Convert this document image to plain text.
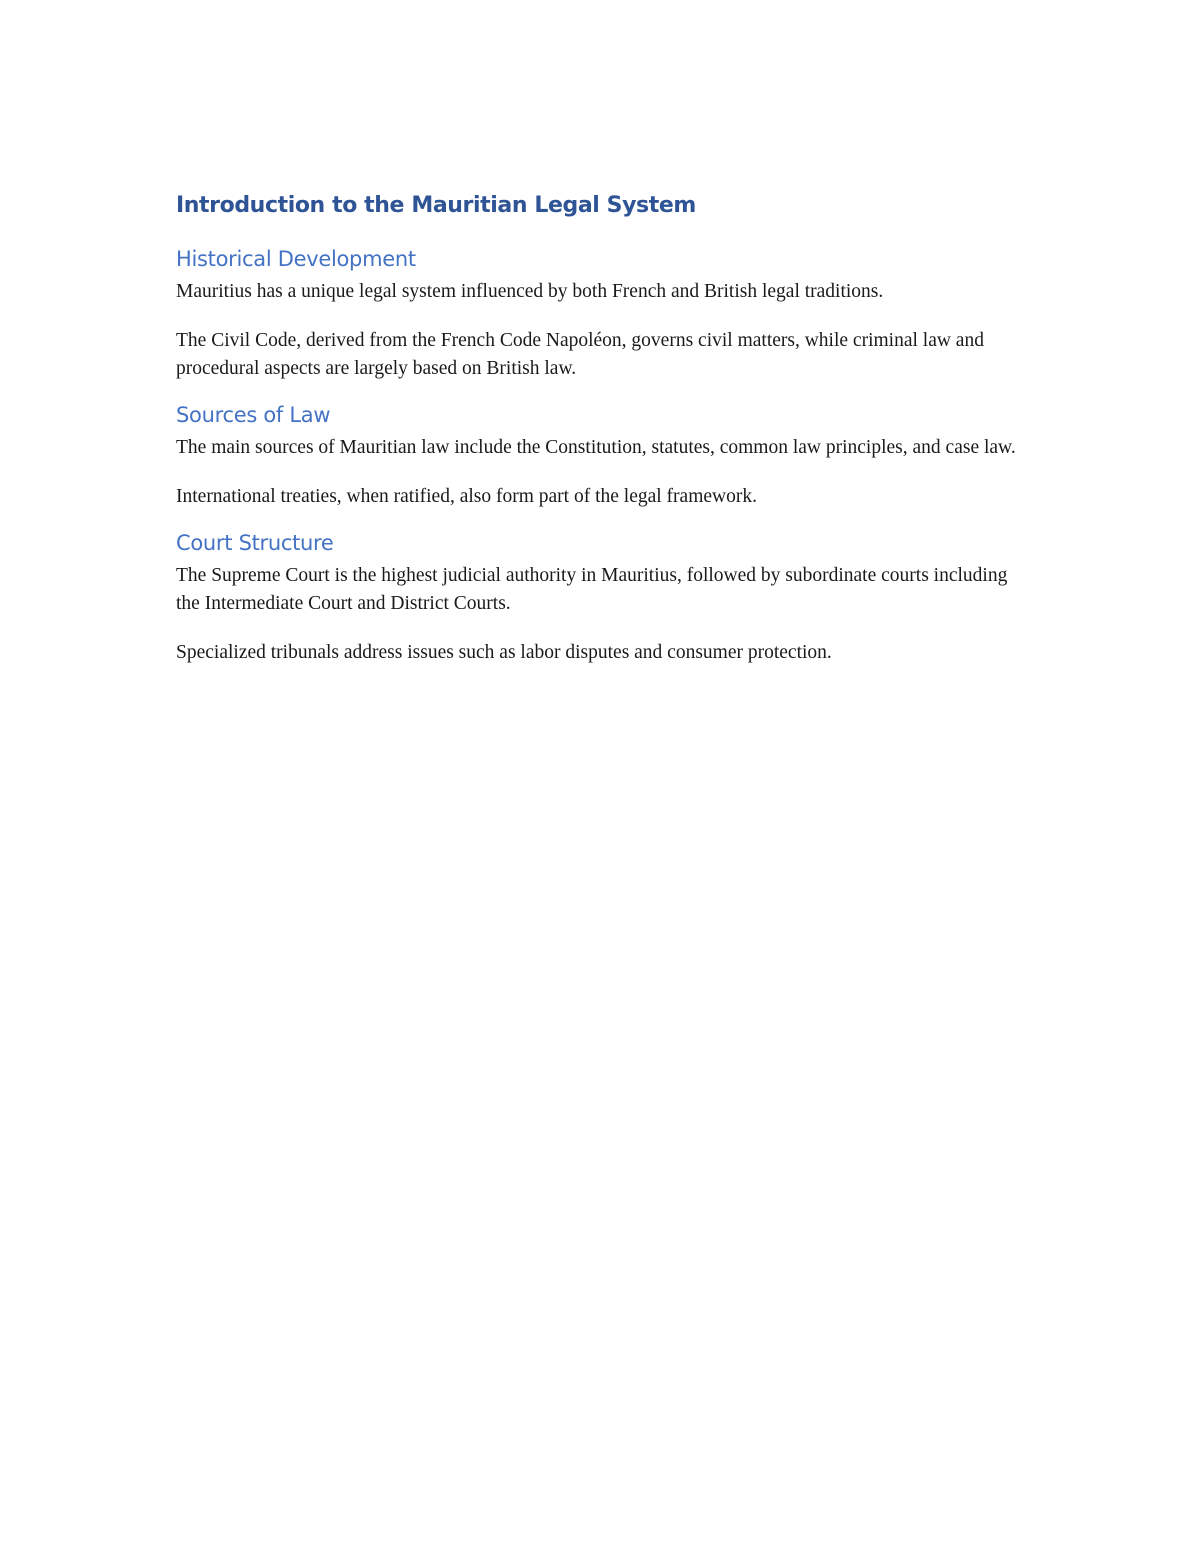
Introduction to the Mauritian Legal System
Historical Development

Mauritius has a unique legal system influenced by both French and British legal traditions.

The Civil Code, derived from the French Code Napoléon, governs civil matters, while criminal law and procedural aspects are largely based on British law.

Sources of Law

The main sources of Mauritian law include the Constitution, statutes, common law principles, and case law.

International treaties, when ratified, also form part of the legal framework.

Court Structure

The Supreme Court is the highest judicial authority in Mauritius, followed by subordinate courts including the Intermediate Court and District Courts.

Specialized tribunals address issues such as labor disputes and consumer protection.
